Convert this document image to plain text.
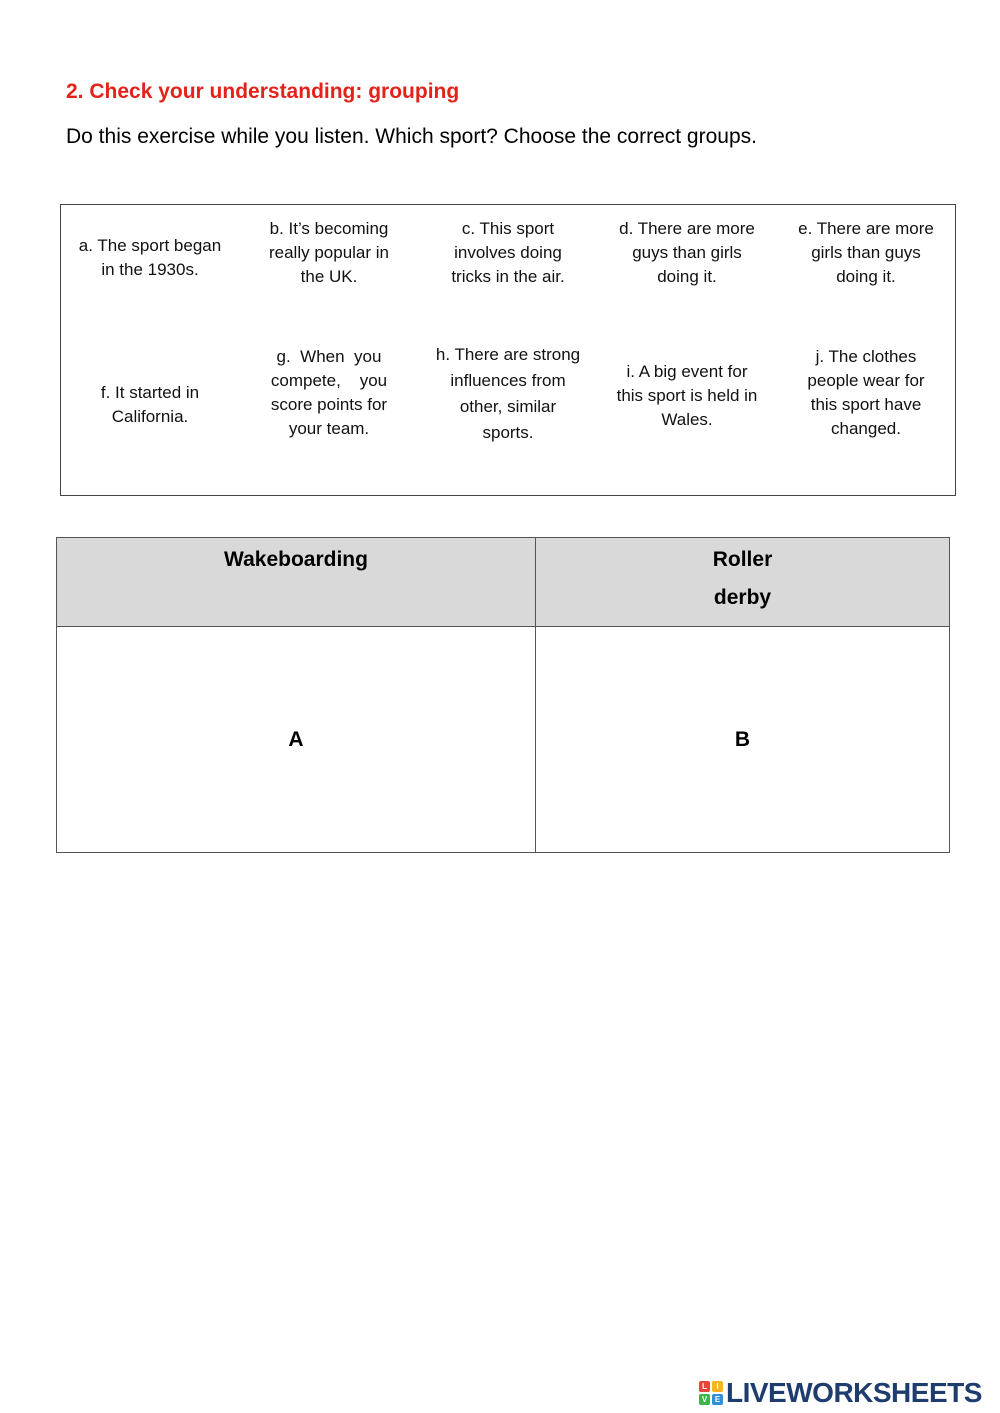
2. Check your understanding: grouping

Do this exercise while you listen. Which sport? Choose the correct groups.

a. The sport began
in the 1930s.
b. It’s becoming
really popular in
the UK.
c. This sport
involves doing
tricks in the air.
d. There are more
guys than girls
doing it.
e. There are more
girls than guys
doing it.
f. It started in
California.
g.  When  you
compete,    you
score points for
your team.
h. There are strong
influences from
other, similar
sports.
i. A big event for
this sport is held in
Wales.
j. The clothes
people wear for
this sport have
changed.
Wakeboarding	Roller
derby

A	B
L	I
V E LIVEWORKSHEETS
